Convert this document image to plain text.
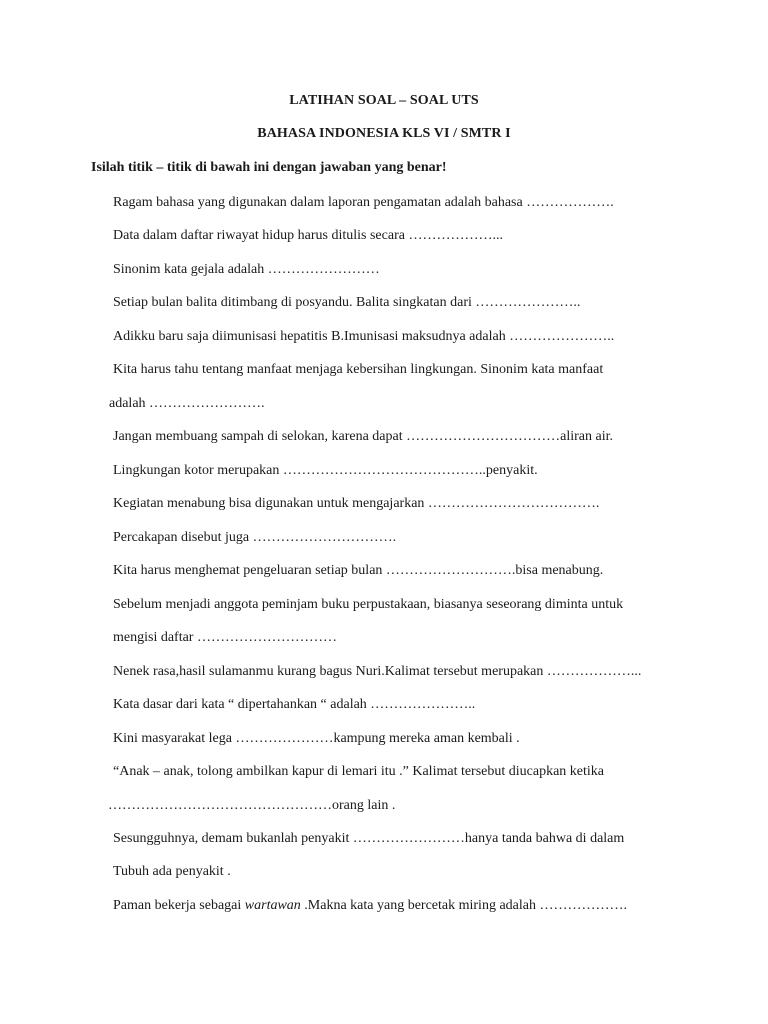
LATIHAN SOAL – SOAL UTS
BAHASA INDONESIA KLS VI / SMTR I
Isilah titik – titik di bawah ini dengan jawaban yang benar!
Ragam bahasa yang digunakan dalam laporan pengamatan adalah bahasa ……………….
Data dalam daftar riwayat hidup harus ditulis secara ………………...
Sinonim kata gejala adalah ……………………
Setiap bulan balita ditimbang di posyandu. Balita singkatan dari …………………..
Adikku baru saja diimunisasi hepatitis B.Imunisasi maksudnya adalah …………………..
Kita harus tahu tentang manfaat menjaga kebersihan lingkungan. Sinonim kata manfaat
adalah …………………….
Jangan membuang sampah di selokan, karena dapat ……………………………aliran air.
Lingkungan kotor merupakan ……………………………………..penyakit.
Kegiatan menabung bisa digunakan untuk mengajarkan ……………………………….
Percakapan disebut juga ………………………….
Kita harus menghemat pengeluaran setiap bulan ……………………….bisa menabung.
Sebelum menjadi anggota peminjam buku perpustakaan, biasanya seseorang diminta untuk
mengisi daftar …………………………
Nenek rasa,hasil sulamanmu kurang bagus Nuri.Kalimat tersebut merupakan ………………...
Kata dasar dari kata “ dipertahankan “ adalah …………………..
Kini masyarakat lega …………………kampung mereka aman kembali .
“Anak – anak, tolong ambilkan kapur di lemari itu .” Kalimat tersebut diucapkan ketika
…………………………………………orang lain .
Sesungguhnya, demam bukanlah penyakit ……………………hanya tanda bahwa di dalam
Tubuh ada penyakit .
Paman bekerja sebagai wartawan .Makna kata yang bercetak miring adalah ……………….
